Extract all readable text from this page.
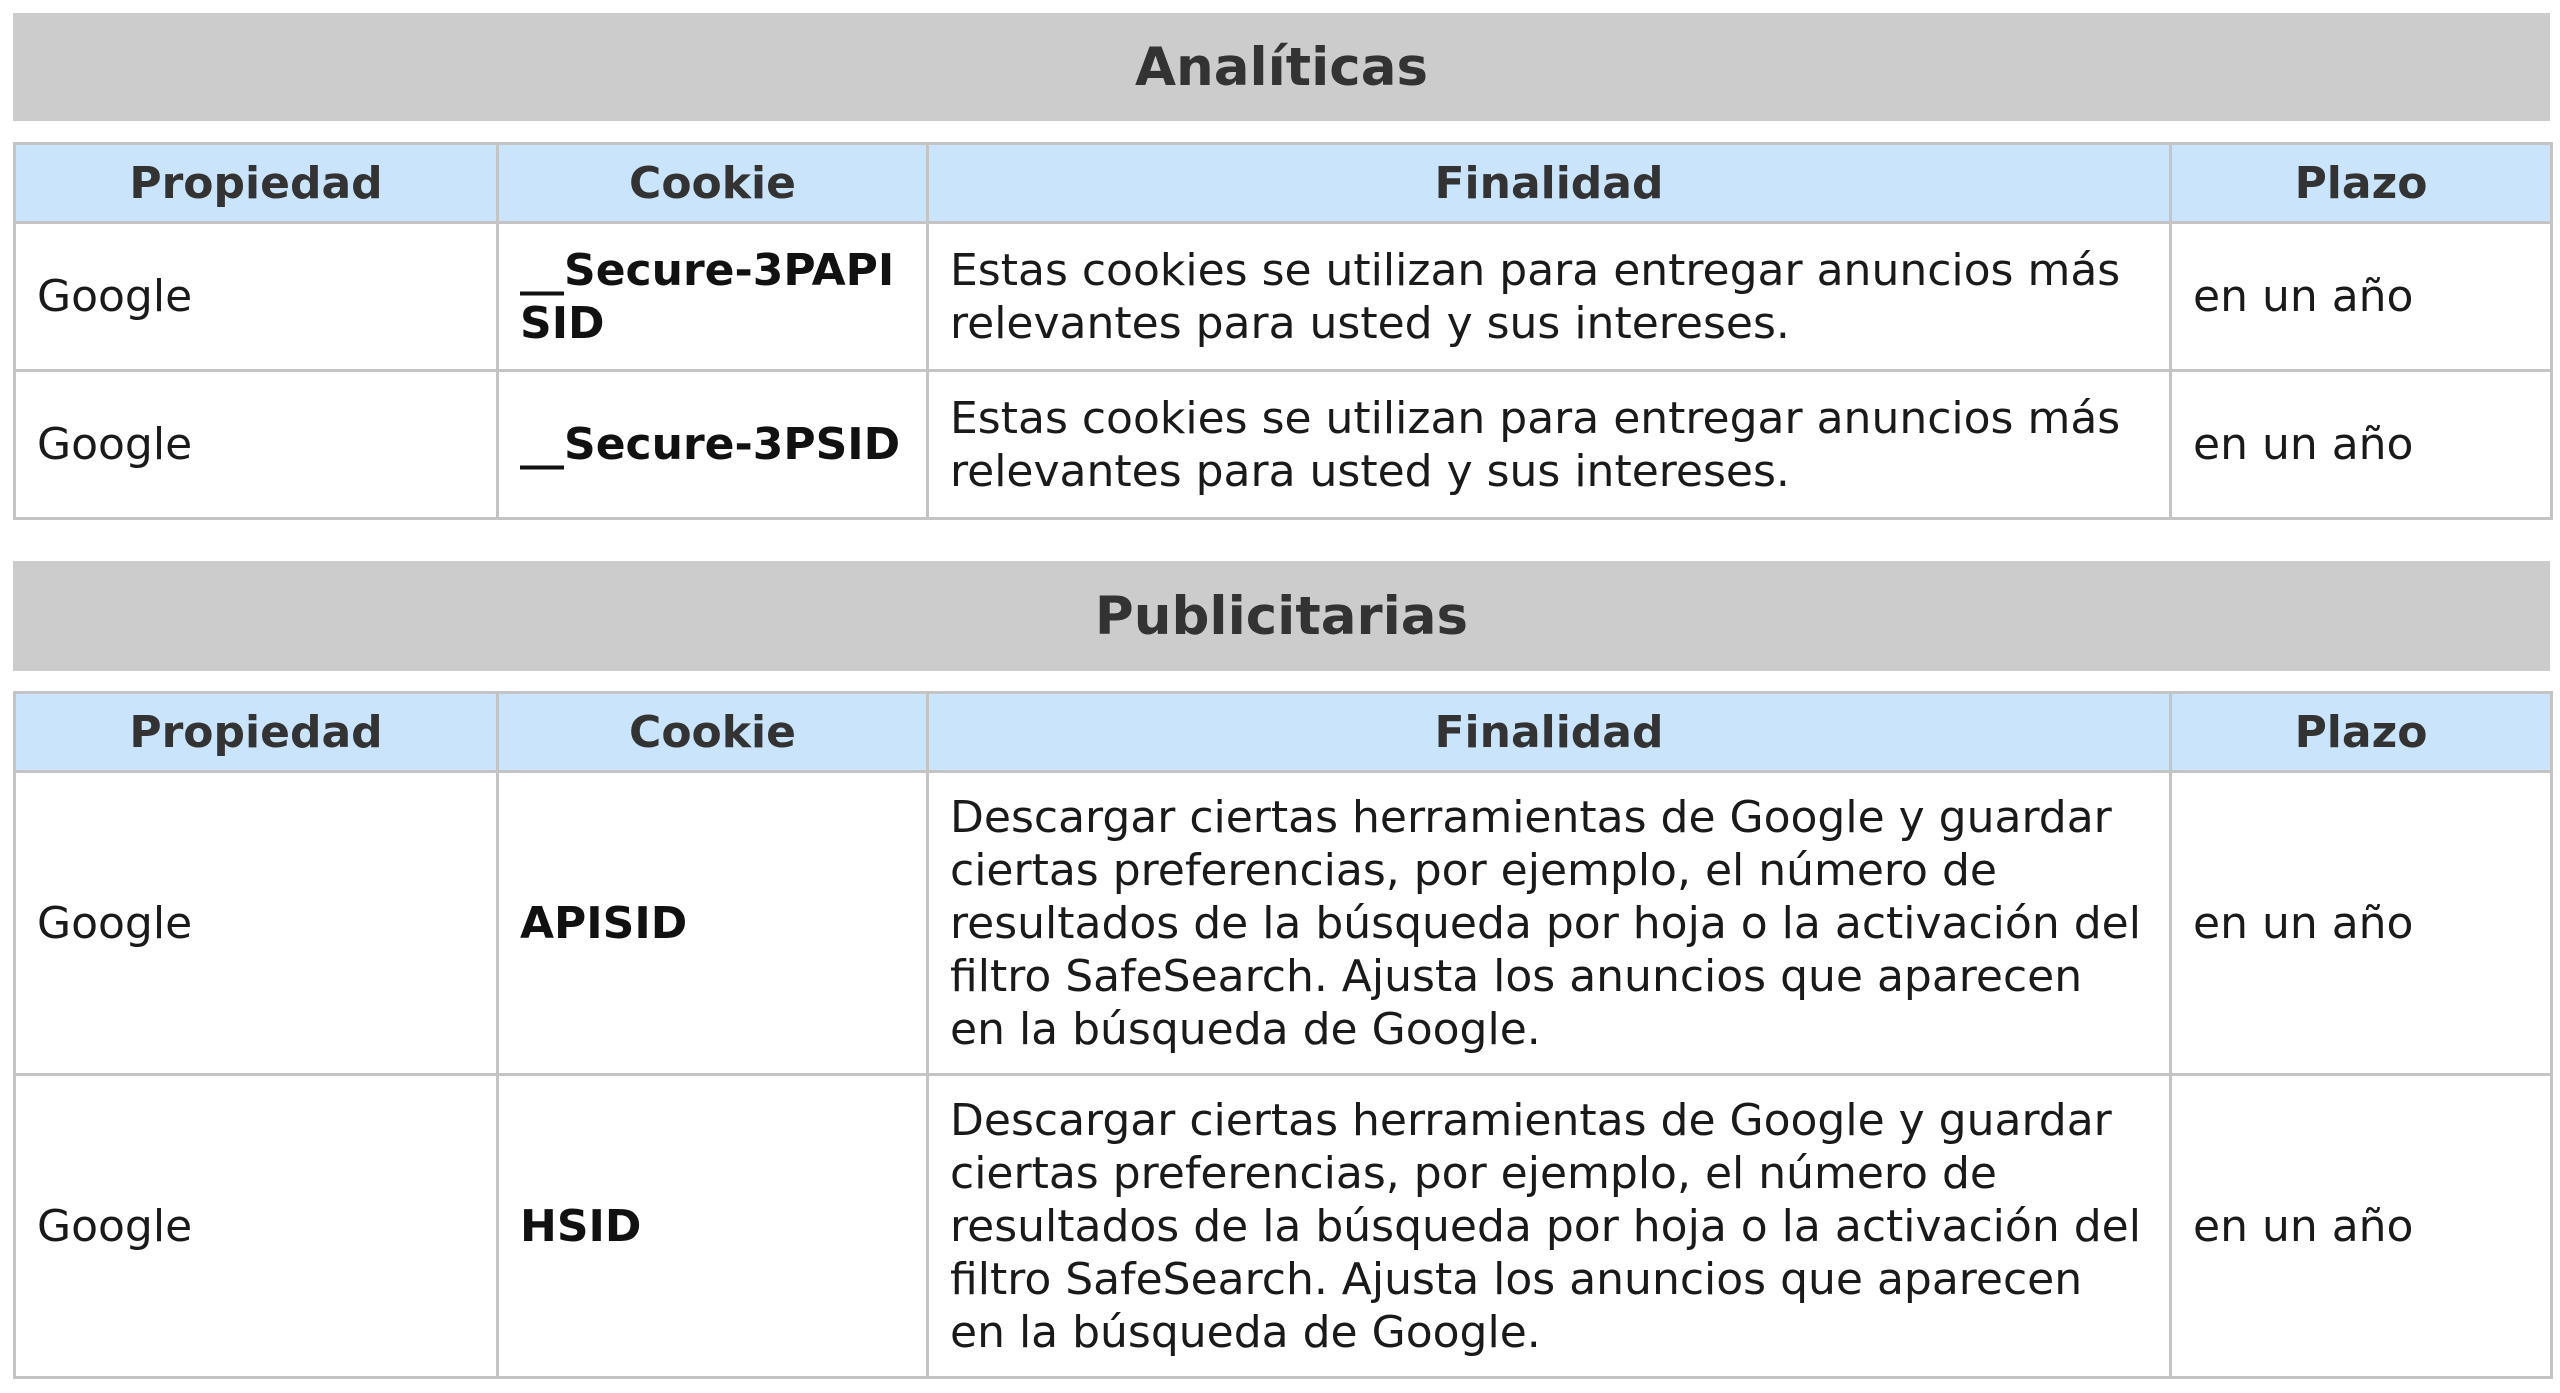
Analíticas
Propiedad	Cookie	Finalidad	Plazo
Google	__Secure-3PAPISID	Estas cookies se utilizan para entregar anuncios más relevantes para usted y sus intereses.	en un año
Google	__Secure-3PSID	Estas cookies se utilizan para entregar anuncios más relevantes para usted y sus intereses.	en un año
Publicitarias
Propiedad	Cookie	Finalidad	Plazo
Google	APISID	Descargar ciertas herramientas de Google y guardar ciertas preferencias, por ejemplo, el número de resultados de la búsqueda por hoja o la activación del filtro SafeSearch. Ajusta los anuncios que aparecen en la búsqueda de Google.	en un año
Google	HSID	Descargar ciertas herramientas de Google y guardar ciertas preferencias, por ejemplo, el número de resultados de la búsqueda por hoja o la activación del filtro SafeSearch. Ajusta los anuncios que aparecen en la búsqueda de Google.	en un año
